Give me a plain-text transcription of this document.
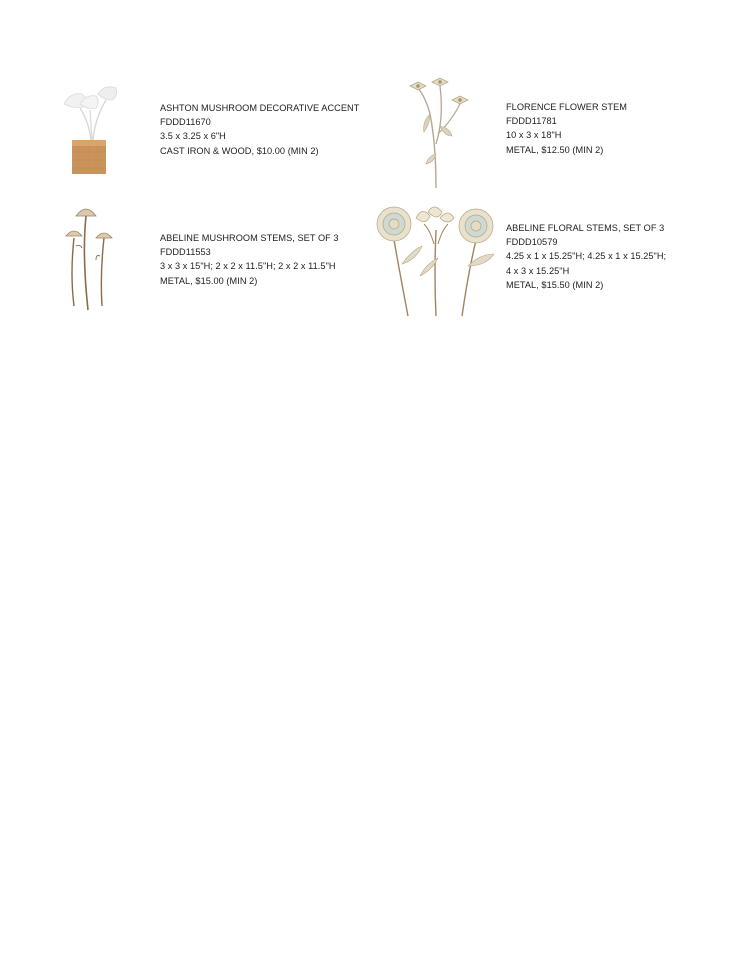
ASHTON MUSHROOM DECORATIVE ACCENT
FDDD11670
3.5 x 3.25 x 6"H
CAST IRON & WOOD, $10.00 (MIN 2)
FLORENCE FLOWER STEM
FDDD11781
10 x 3 x 18"H
METAL, $12.50 (MIN 2)
ABELINE MUSHROOM STEMS, SET OF 3
FDDD11553
3 x 3 x 15"H; 2 x 2 x 11.5"H; 2 x 2 x 11.5"H
METAL, $15.00 (MIN 2)
ABELINE FLORAL STEMS, SET OF 3
FDDD10579
4.25 x 1 x 15.25"H; 4.25 x 1 x 15.25"H;
4 x 3 x 15.25"H
METAL, $15.50 (MIN 2)
